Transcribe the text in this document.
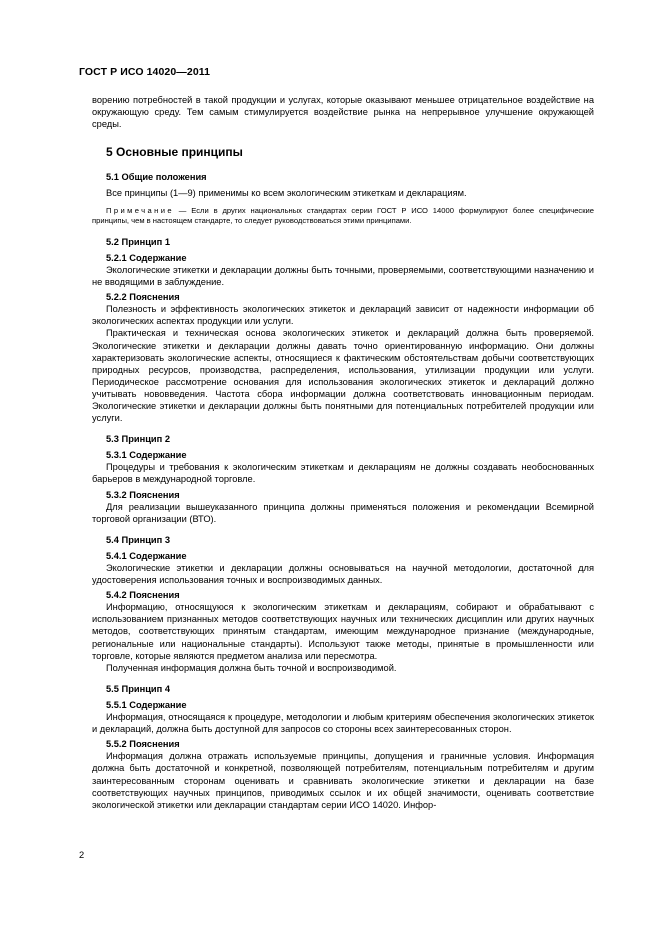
ГОСТ Р ИСО 14020—2011

ворению потребностей в такой продукции и услугах, которые оказывают меньшее отрицательное воздействие на окружающую среду. Тем самым стимулируется воздействие рынка на непрерывное улучшение окружающей среды.

5 Основные принципы
5.1 Общие положения

Все принципы (1—9) применимы ко всем экологическим этикеткам и декларациям.

Примечание — Если в других национальных стандартах серии ГОСТ Р ИСО 14000 формулируют более специфические принципы, чем в настоящем стандарте, то следует руководствоваться этими принципами.

5.2 Принцип 1
5.2.1 Содержание

Экологические этикетки и декларации должны быть точными, проверяемыми, соответствующими назначению и не вводящими в заблуждение.

5.2.2 Пояснения

Полезность и эффективность экологических этикеток и деклараций зависит от надежности информации об экологических аспектах продукции или услуги.

Практическая и техническая основа экологических этикеток и деклараций должна быть проверяемой. Экологические этикетки и декларации должны давать точно ориентированную информацию. Они должны характеризовать экологические аспекты, относящиеся к фактическим обстоятельствам добычи соответствующих природных ресурсов, производства, распределения, использования, утилизации продукции или услуги. Периодическое рассмотрение основания для использования экологических этикеток и деклараций должно учитывать нововведения. Частота сбора информации должна соответствовать инновационным периодам. Экологические этикетки и декларации должны быть понятными для потенциальных потребителей продукции или услуги.

5.3 Принцип 2
5.3.1 Содержание

Процедуры и требования к экологическим этикеткам и декларациям не должны создавать необоснованных барьеров в международной торговле.

5.3.2 Пояснения

Для реализации вышеуказанного принципа должны применяться положения и рекомендации Всемирной торговой организации (ВТО).

5.4 Принцип 3
5.4.1 Содержание

Экологические этикетки и декларации должны основываться на научной методологии, достаточной для удостоверения использования точных и воспроизводимых данных.

5.4.2 Пояснения

Информацию, относящуюся к экологическим этикеткам и декларациям, собирают и обрабатывают с использованием признанных методов соответствующих научных или технических дисциплин или других научных методов, соответствующих принятым стандартам, имеющим международное признание (международные, региональные или национальные стандарты). Используют также методы, принятые в промышленности или торговле, которые являются предметом анализа или пересмотра.

Полученная информация должна быть точной и воспроизводимой.

5.5 Принцип 4
5.5.1 Содержание

Информация, относящаяся к процедуре, методологии и любым критериям обеспечения экологических этикеток и деклараций, должна быть доступной для запросов со стороны всех заинтересованных сторон.

5.5.2 Пояснения

Информация должна отражать используемые принципы, допущения и граничные условия. Информация должна быть достаточной и конкретной, позволяющей потребителям, потенциальным потребителям и другим заинтересованным сторонам оценивать и сравнивать экологические этикетки и декларации на базе соответствующих научных принципов, приводимых ссылок и их общей значимости, оценивать соответствие экологической этикетки или декларации стандартам серии ИСО 14020. Инфор-

2
